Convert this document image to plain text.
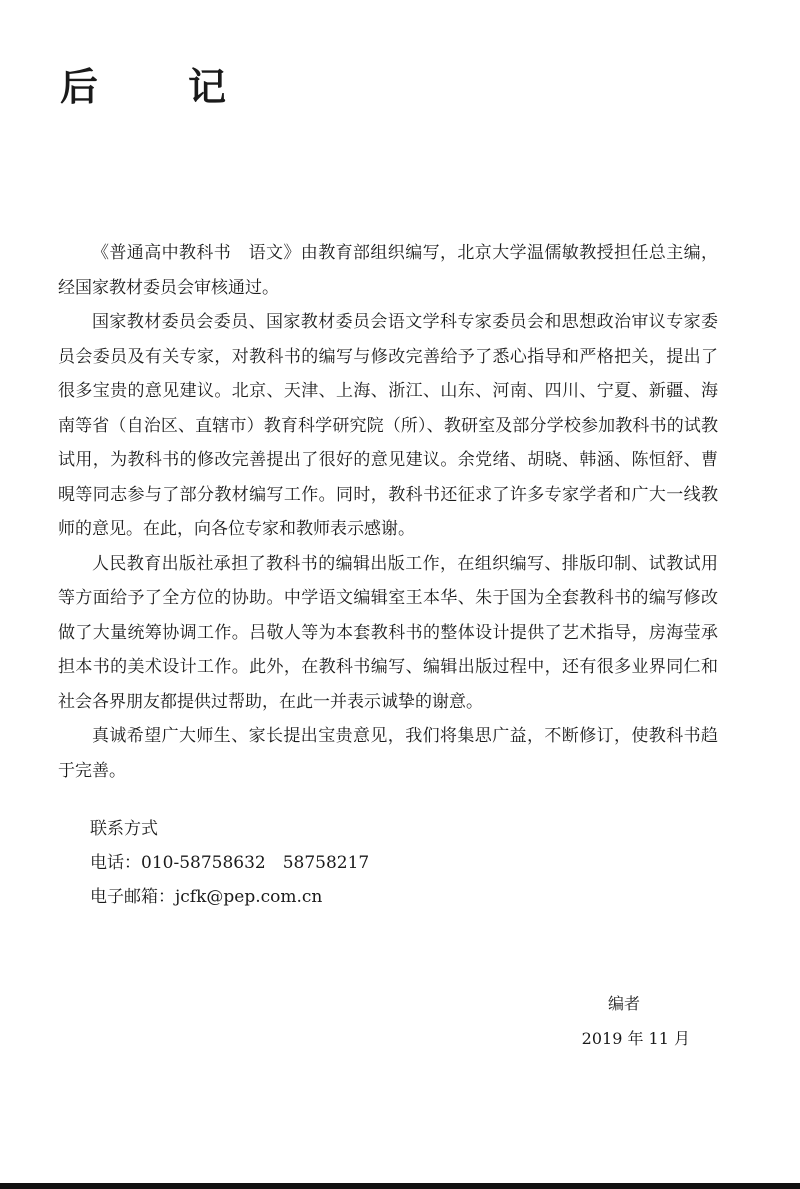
后　记

《普通高中教科书　语文》由教育部组织编写，北京大学温儒敏教授担任总主编，经国家教材委员会审核通过。

国家教材委员会委员、国家教材委员会语文学科专家委员会和思想政治审议专家委员会委员及有关专家，对教科书的编写与修改完善给予了悉心指导和严格把关，提出了很多宝贵的意见建议。北京、天津、上海、浙江、山东、河南、四川、宁夏、新疆、海南等省（自治区、直辖市）教育科学研究院（所）、教研室及部分学校参加教科书的试教试用，为教科书的修改完善提出了很好的意见建议。余党绪、胡晓、韩涵、陈恒舒、曹晛等同志参与了部分教材编写工作。同时，教科书还征求了许多专家学者和广大一线教师的意见。在此，向各位专家和教师表示感谢。

人民教育出版社承担了教科书的编辑出版工作，在组织编写、排版印制、试教试用等方面给予了全方位的协助。中学语文编辑室王本华、朱于国为全套教科书的编写修改做了大量统筹协调工作。吕敬人等为本套教科书的整体设计提供了艺术指导，房海莹承担本书的美术设计工作。此外，在教科书编写、编辑出版过程中，还有很多业界同仁和社会各界朋友都提供过帮助，在此一并表示诚挚的谢意。

真诚希望广大师生、家长提出宝贵意见，我们将集思广益，不断修订，使教科书趋于完善。

联系方式
电话：010-58758632　58758217
电子邮箱：jcfk@pep.com.cn
编者
2019 年 11 月
